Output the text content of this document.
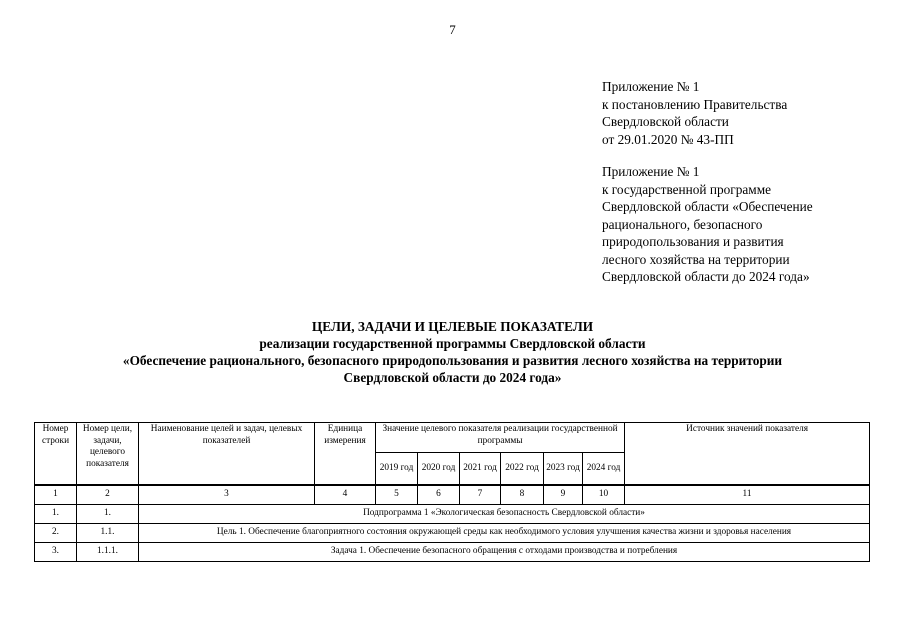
7
Приложение № 1
к постановлению Правительства
Свердловской области
от 29.01.2020 № 43-ПП
Приложение № 1
к государственной программе
Свердловской области «Обеспечение
рационального, безопасного
природопользования и развития
лесного хозяйства на территории
Свердловской области до 2024 года»
ЦЕЛИ, ЗАДАЧИ И ЦЕЛЕВЫЕ ПОКАЗАТЕЛИ
реализации государственной программы Свердловской области
«Обеспечение рационального, безопасного природопользования и развития лесного хозяйства на территории
Свердловской области до 2024 года»
Номер строки	Номер цели, задачи, целевого показателя	Наименование целей и задач, целевых показателей	Единица измерения	Значение целевого показателя реализации государственной программы						Источник значений показателя
				2019 год	2020 год	2021 год	2022 год	2023 год	2024 год	
1	2	3	4	5	6	7	8	9	10	11
1.	1.	Подпрограмма 1 «Экологическая безопасность Свердловской области»								
2.	1.1.	Цель 1. Обеспечение благоприятного состояния окружающей среды как необходимого условия улучшения качества жизни и здоровья населения								
3.	1.1.1.	Задача 1. Обеспечение безопасного обращения с отходами производства и потребления								
